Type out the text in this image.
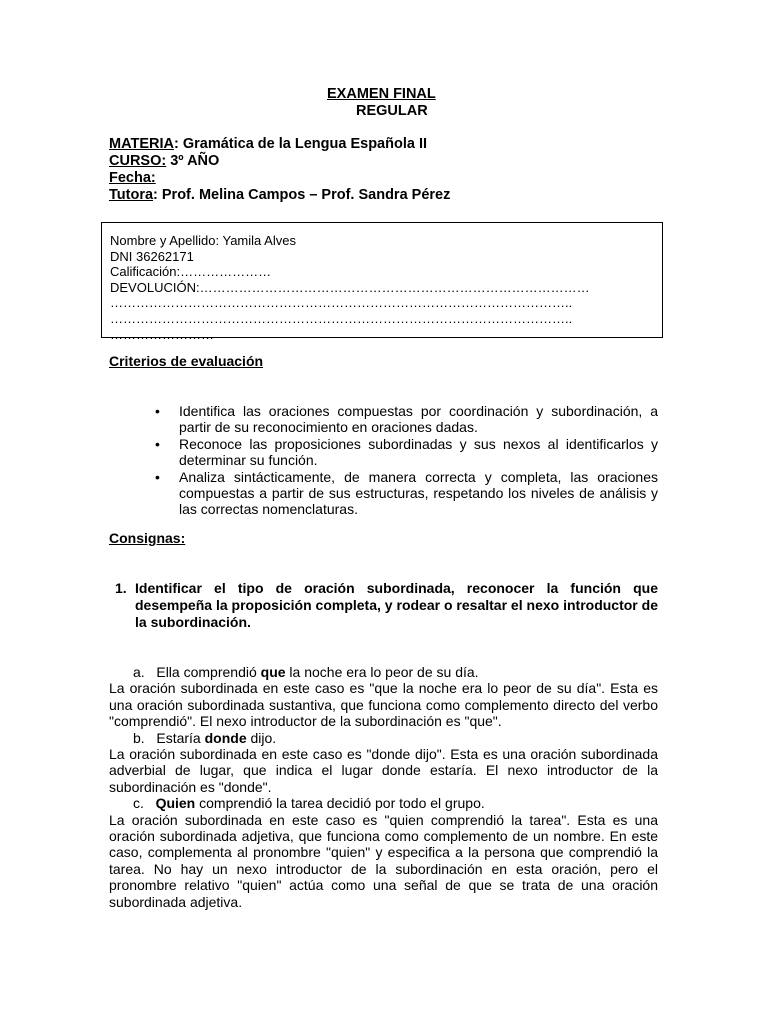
EXAMEN FINAL
REGULAR
MATERIA: Gramática de la Lengua Española II
CURSO: 3º AÑO
Fecha:
Tutora: Prof. Melina Campos – Prof. Sandra Pérez
Nombre y Apellido: Yamila Alves
DNI 36262171
Calificación:…………………
DEVOLUCIÓN:………………………………………………………………………………
……………………………………………………………………………………………..
……………………………………………………………………………………………..
……………………
Criterios de evaluación
• Identifica las oraciones compuestas por coordinación y subordinación, a partir de su reconocimiento en oraciones dadas.
• Reconoce las proposiciones subordinadas y sus nexos al identificarlos y determinar su función.
• Analiza sintácticamente, de manera correcta y completa, las oraciones compuestas a partir de sus estructuras, respetando los niveles de análisis y las correctas nomenclaturas.
Consignas:
1. Identificar el tipo de oración subordinada, reconocer la función que desempeña la proposición completa, y rodear o resaltar el nexo introductor de la subordinación.
a. Ella comprendió que la noche era lo peor de su día.
La oración subordinada en este caso es "que la noche era lo peor de su día". Esta es una oración subordinada sustantiva, que funciona como complemento directo del verbo "comprendió". El nexo introductor de la subordinación es "que".
b. Estaría donde dijo.
La oración subordinada en este caso es "donde dijo". Esta es una oración subordinada adverbial de lugar, que indica el lugar donde estaría. El nexo introductor de la subordinación es "donde".
c. Quien comprendió la tarea decidió por todo el grupo.
La oración subordinada en este caso es "quien comprendió la tarea". Esta es una oración subordinada adjetiva, que funciona como complemento de un nombre. En este caso, complementa al pronombre "quien" y especifica a la persona que comprendió la tarea. No hay un nexo introductor de la subordinación en esta oración, pero el pronombre relativo "quien" actúa como una señal de que se trata de una oración subordinada adjetiva.
